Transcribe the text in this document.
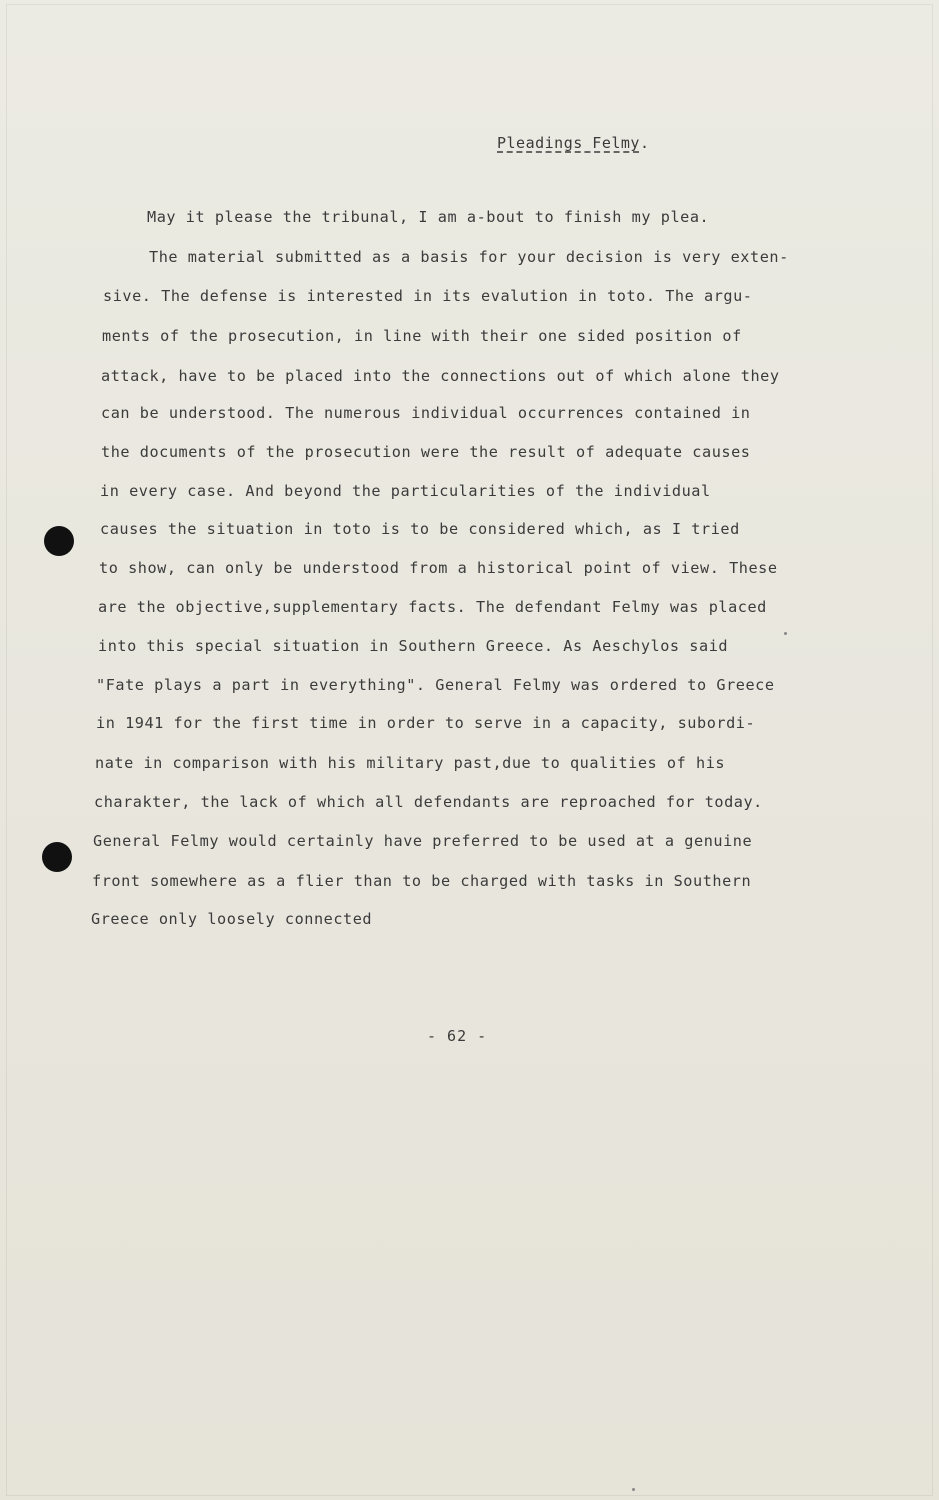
Pleadings Felmy.
May it please the tribunal, I am a-bout to finish my plea.
The material submitted as a basis for your decision is very exten-
sive. The defense is interested in its evalution in toto. The argu-
ments of the prosecution, in line with their one sided position of
attack, have to be placed into the connections out of which alone they
can be understood. The numerous individual occurrences contained in
the documents of the prosecution were the result of adequate causes
in every case. And beyond the particularities of the individual
causes the situation in toto is to be considered which, as I tried
to show, can only be understood from a historical point of view. These
are the objective,supplementary facts. The defendant Felmy was placed
into this special situation in Southern Greece. As Aeschylos said
"Fate plays a part in everything". General Felmy was ordered to Greece
in 1941 for the first time in order to serve in a capacity, subordi-
nate in comparison with his military past,due to qualities of his
charakter, the lack of which all defendants are reproached for today.
General Felmy would certainly have preferred to be used at a genuine
front somewhere as a flier than to be charged with tasks in Southern
Greece only loosely connected
- 62 -
